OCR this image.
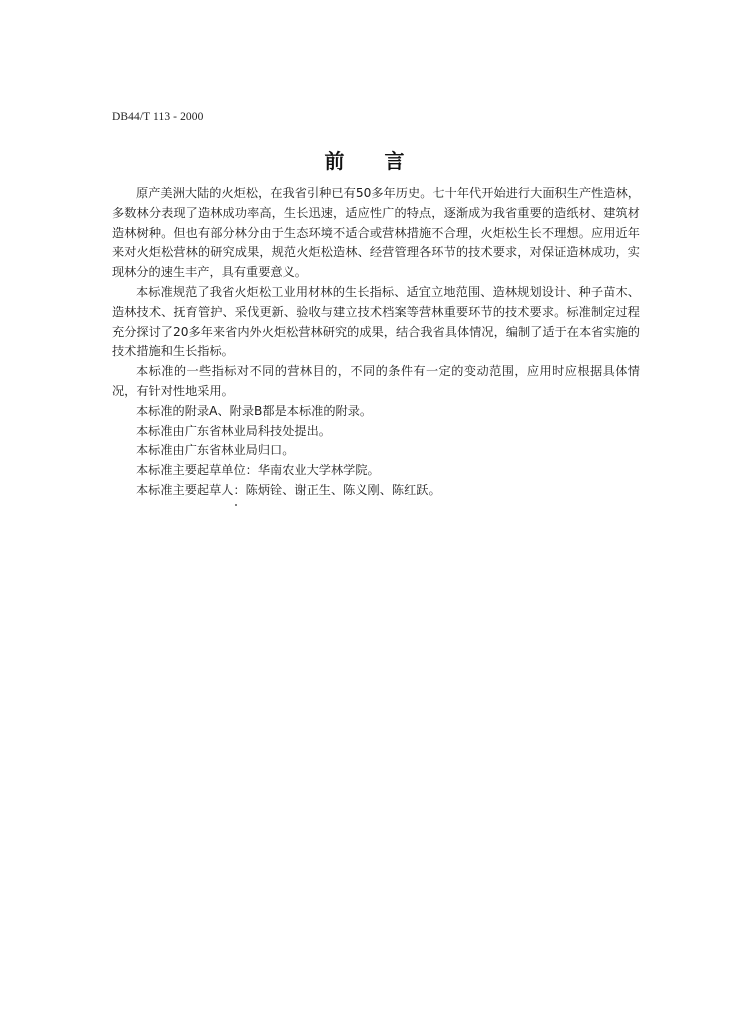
DB44/T 113 - 2000
前 言

原产美洲大陆的火炬松，在我省引种已有50多年历史。七十年代开始进行大面积生产性造林，多数林分表现了造林成功率高，生长迅速，适应性广的特点，逐渐成为我省重要的造纸材、建筑材造林树种。但也有部分林分由于生态环境不适合或营林措施不合理，火炬松生长不理想。应用近年来对火炬松营林的研究成果，规范火炬松造林、经营管理各环节的技术要求，对保证造林成功，实现林分的速生丰产，具有重要意义。

本标准规范了我省火炬松工业用材林的生长指标、适宜立地范围、造林规划设计、种子苗木、造林技术、抚育管护、采伐更新、验收与建立技术档案等营林重要环节的技术要求。标准制定过程充分探讨了20多年来省内外火炬松营林研究的成果，结合我省具体情况，编制了适于在本省实施的技术措施和生长指标。

本标准的一些指标对不同的营林目的，不同的条件有一定的变动范围，应用时应根据具体情况，有针对性地采用。

本标准的附录A、附录B都是本标准的附录。

本标准由广东省林业局科技处提出。

本标准由广东省林业局归口。

本标准主要起草单位：华南农业大学林学院。

本标准主要起草人：陈炳铨、谢正生、陈义刚、陈红跃。
